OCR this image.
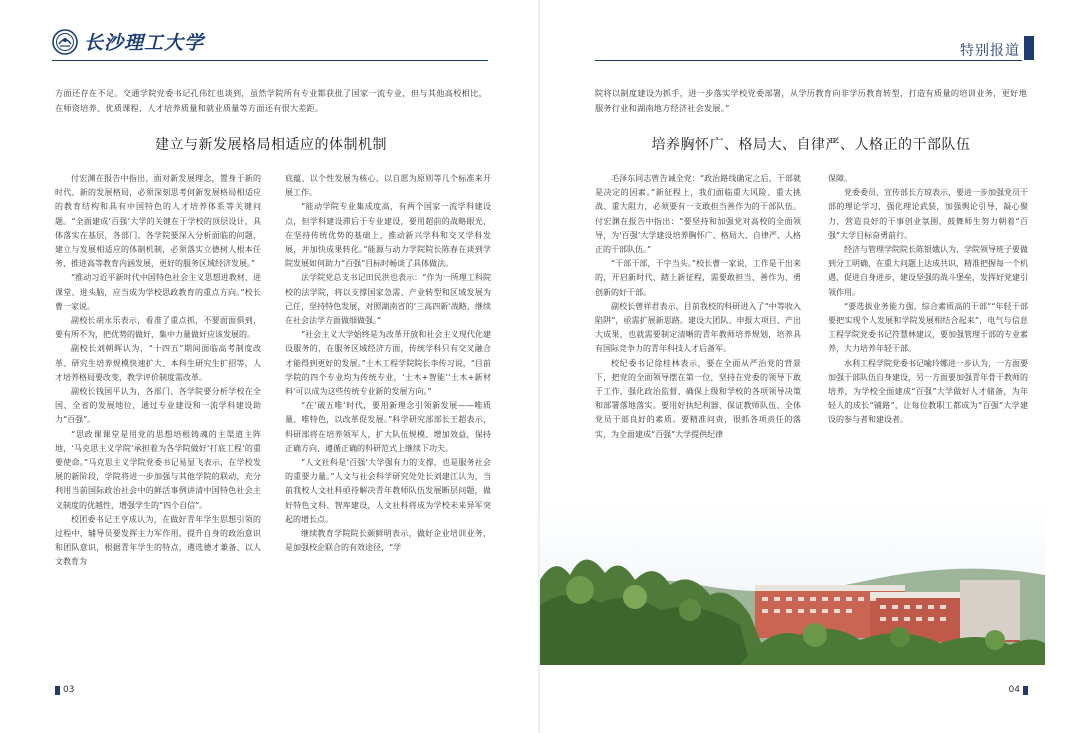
长沙理工大学
方面还存在不足。交通学院党委书记孔伟红也谈到，虽然学院所有专业都获批了国家一流专业，但与其他高校相比，在师资培养、优质课程、人才培养质量和就业质量等方面还有很大差距。
建立与新发展格局相适应的体制机制

付宏渊在报告中指出，面对新发展理念，置身于新的时代、新的发展格局，必须深刻思考何新发展格局相适应的教育结构和具有中国特色的人才培养体系等关键问题。“全面建成‘百强’大学的关键在于学校的顶层设计，具体落实在基层，各部门、各学院要深入分析面临的问题，建立与发展相适应的体制机制，必须落实立德树人根本任务，推进高等教育内涵发展，更好的服务区域经济发展。”

“推动习近平新时代中国特色社会主义思想进教材、进课堂、进头脑，应当成为学校思政教育的重点方向。”校长曹一家说。

副校长胡永乐表示，看准了重点抓，不要面面俱到，要有所不为，把优势的做好，集中力量做好应该发展的。

副校长刘朝晖认为，“十四五”期间面临高考制度改革、研究生培养规模快速扩大、本科生研究生扩招等，人才培养格局要改变，教学评价制度需改革。

副校长钱国平认为，各部门、各学院要分析学校在全国、全省的发展地位，通过专业建设和一流学科建设助力“百强”。

“思政课课堂是用党的思想培根铸魂的主渠道主阵地，‘马克思主义学院’承担着为各学院做好‘打底工程’的重要使命。”马克思主义学院党委书记易显飞表示，在学校发展的新阶段，学院将进一步加强与其他学院的联动，充分利用当前国际政治社会中的鲜活事例讲清中国特色社会主义制度的优越性，增强学生的“四个自信”。

校团委书记王亨成认为，在做好青年学生思想引领的过程中，辅导员要发挥主力军作用，提升自身的政治意识和团队意识，根据青年学生的特点，遴选德才兼备、以人文教育为

底蕴、以个性发展为核心、以自愿为原则等几个标准来开展工作。

“能动学院专业集成度高，有两个国家一流学科建设点，但学科建设滞后于专业建设，要用超前的战略眼光，在坚持传统优势的基础上，推动新兴学科和交叉学科发展，并加快成果转化。”能源与动力学院院长陈春在谈到学院发展如何助力“百强”目标时畅谈了具体做法。

法学院党总支书记田民洪也表示：“作为一所理工科院校的法学院，将以支撑国家急需、产业转型和区域发展为己任，坚持特色发展，对照湖南省的‘三高四新’战略，继续在社会法学方面做细做强。”

“社会主义大学始终是为改革开放和社会主义现代化建设服务的，在服务区域经济方面，传统学科只有交叉融合才能得到更好的发展。”土木工程学院院长李传习说，“目前学院的四个专业均为传统专业，‘土木+智能’‘土木+新材料’可以成为这些传统专业新的发展方向。”

“在‘破五唯’时代，要用新理念引领新发展——唯质量、唯特色，以改革促发展。”科学研究部部长王超表示，科研部将在培养领军人，扩大队伍规模、增加效益，保持正确方向、遵循正确的科研范式上继续下功夫。

“人文社科是‘百强’大学强有力的支撑，也是服务社会的重要力量。”人文与社会科学研究处处长刘建江认为，当前我校人文社科亟待解决青年教师队伍发展断层问题，做好特色文科、智库建设，人文社科将成为学校未来异军突起的增长点。

继续教育学院院长颜鲜明表示，做好企业培训业务，是加强校企联合的有效途径，“学

03
特别报道
院将以制度建设为抓手，进一步落实学校党委部署，从学历教育向非学历教育转型，打造有质量的培训业务，更好地服务行业和湖南地方经济社会发展。”
培养胸怀广、格局大、自律严、人格正的干部队伍

毛泽东同志曾告诫全党：“政治路线确定之后，干部就是决定的因素。”新征程上，我们面临重大风险、重大挑战、重大阻力，必须要有一支敢担当善作为的干部队伍。付宏渊在报告中指出：“要坚持和加强党对高校的全面领导，为‘百强’大学建设培养胸怀广、格局大、自律严、人格正的干部队伍。”

“干部干部，干字当头。”校长曹一家说，工作是干出来的，开启新时代、踏上新征程，需要敢担当、善作为、勇创新的好干部。

副校长曾祥君表示，目前我校的科研进入了“中等收入陷阱”，亟需扩展新思路。建设大团队、申报大项目、产出大成果，也就需要制定清晰的青年教师培养规划，培养具有国际竞争力的青年科技人才后备军。

校纪委书记徐桂林表示，要在全面从严治党的背景下，把党的全面领导摆在第一位，坚持在党委的领导下敢于工作，强化政治监督、确保上级和学校的各项领导决策和部署落地落实。要用好执纪利器、保证教师队伍、全体党员干部良好的素质。要精准问责，很抓各项责任的落实，为全面建成“百强”大学提供纪律

保障。

党委委员、宣传部长方琼表示，要进一步加强党员干部的理论学习，强化理论武装，加强舆论引导，凝心聚力，营造良好的干事创业氛围，鼓舞师生努力朝着“百强”大学目标奋勇前行。

经济与管理学院院长陈银娥认为，学院领导班子要做到分工明确，在重大问题上达成共识，精准把握每一个机遇，促进自身进步，建设坚强的战斗堡垒，发挥好党建引领作用。

“要选拔业务能力强、综合素质高的干部”“年轻干部要把实现个人发展和学院发展相结合起来”，电气与信息工程学院党委书记符慧林建议，要加强管理干部的专业素养，大力培养年轻干部。

水利工程学院党委书记喻玲娜进一步认为，一方面要加强干部队伍自身建设，另一方面要加强青年骨干教师的培养，为学校全面建成“百强”大学做好人才储备，为年轻人的成长“铺路”，让每位教职工都成为“百强”大学建设的参与者和建设者。

04
